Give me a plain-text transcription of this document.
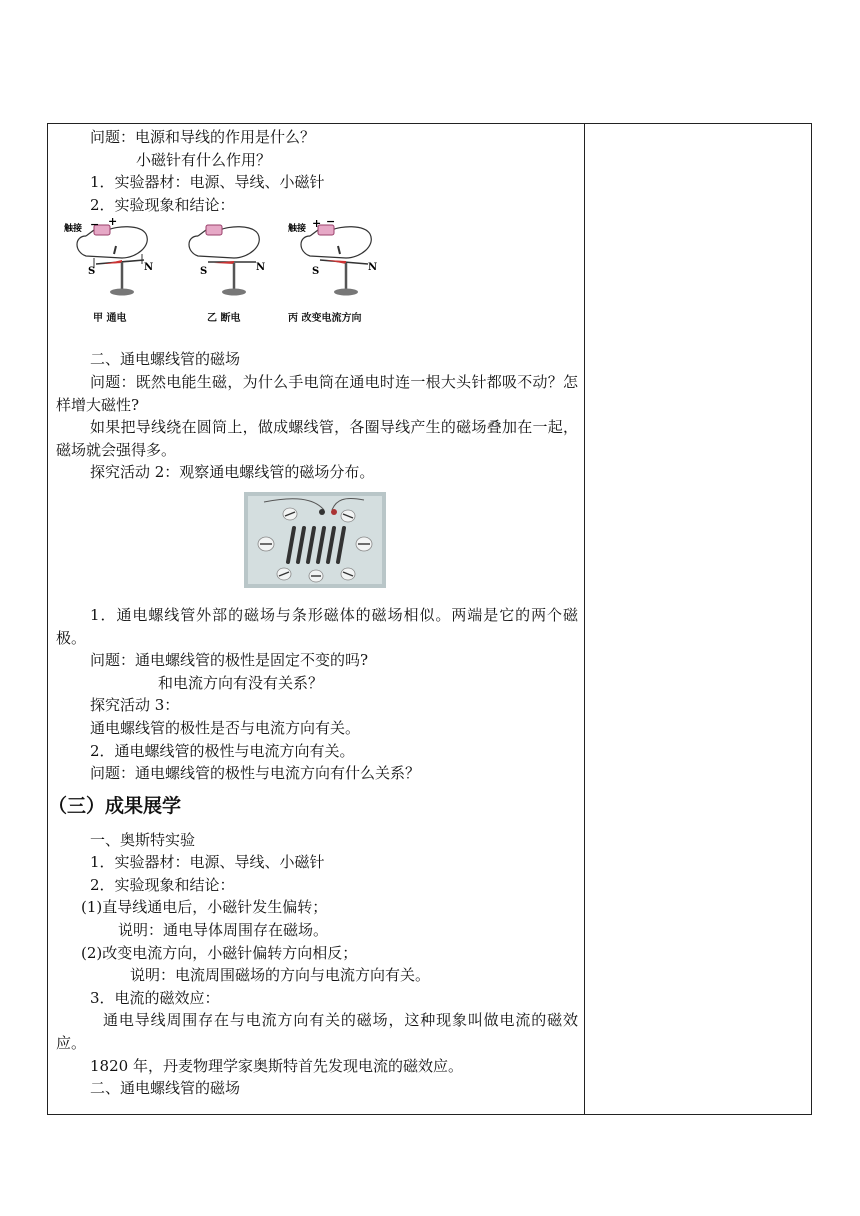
问题：电源和导线的作用是什么？

小磁针有什么作用？

1．实验器材：电源、导线、小磁针

2．实验现象和结论：

触接 − +
S	N	S	N
触接 + −
S	N
甲 通电	乙 断电	丙 改变电流方向

二、通电螺线管的磁场

问题：既然电能生磁，为什么手电筒在通电时连一根大头针都吸不动？怎样增大磁性?

如果把导线绕在圆筒上，做成螺线管，各圈导线产生的磁场叠加在一起，磁场就会强得多。

探究活动 2：观察通电螺线管的磁场分布。

1．通电螺线管外部的磁场与条形磁体的磁场相似。两端是它的两个磁极。

问题：通电螺线管的极性是固定不变的吗?

和电流方向有没有关系？

探究活动 3：

通电螺线管的极性是否与电流方向有关。

2．通电螺线管的极性与电流方向有关。

问题：通电螺线管的极性与电流方向有什么关系？

（三）成果展学

一、奥斯特实验

1．实验器材：电源、导线、小磁针

2．实验现象和结论：

(1)直导线通电后，小磁针发生偏转；

说明：通电导体周围存在磁场。

(2)改变电流方向，小磁针偏转方向相反；

说明：电流周围磁场的方向与电流方向有关。

3．电流的磁效应：

通电导线周围存在与电流方向有关的磁场，这种现象叫做电流的磁效应。

1820 年，丹麦物理学家奥斯特首先发现电流的磁效应。

二、通电螺线管的磁场
